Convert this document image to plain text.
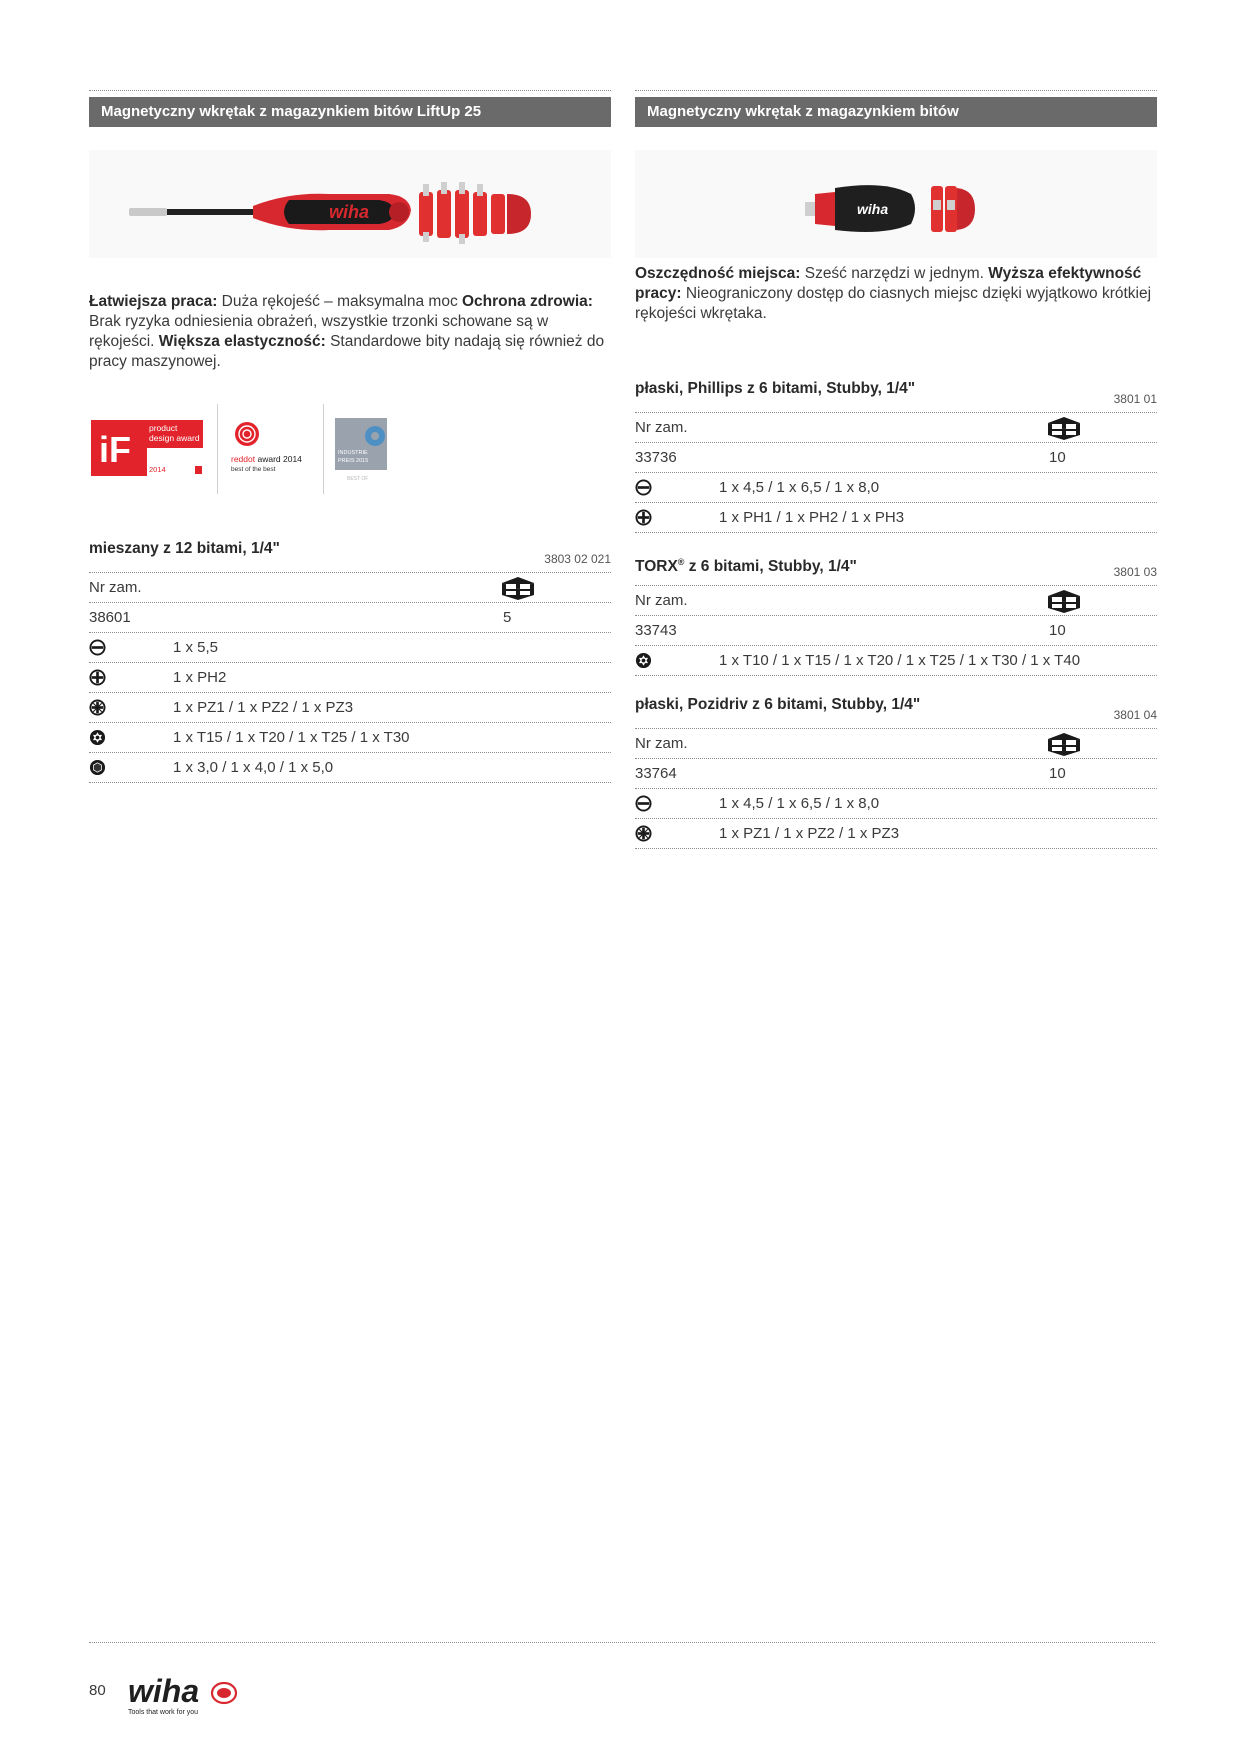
Magnetyczny wkrętak z magazynkiem bitów LiftUp 25
wiha
Łatwiejsza praca: Duża rękojeść – maksymalna moc Ochrona zdrowia: Brak ryzyka odniesienia obrażeń, wszystkie trzonki schowane są w rękojeści. Większa elastyczność: Standardowe bity nadają się również do pracy maszynowej.
iF
product
design award
2014
reddot award 2014
best of the best
INDUSTRIE
PREIS 2015
BEST OF
mieszany z 12 bitami, 1/4"
3803 02 021
Nr zam.
38601	5
1 x 5,5
1 x PH2
1 x PZ1 / 1 x PZ2 / 1 x PZ3
1 x T15 / 1 x T20 / 1 x T25 / 1 x T30
1 x 3,0 / 1 x 4,0 / 1 x 5,0
Magnetyczny wkrętak z magazynkiem bitów
wiha
Oszczędność miejsca: Sześć narzędzi w jednym. Wyższa efektywność pracy: Nieograniczony dostęp do ciasnych miejsc dzięki wyjątkowo krótkiej rękojeści wkrętaka.
płaski, Phillips z 6 bitami, Stubby, 1/4"
3801 01
Nr zam.
33736	10
1 x 4,5 / 1 x 6,5 / 1 x 8,0
1 x PH1 / 1 x PH2 / 1 x PH3
TORX® z 6 bitami, Stubby, 1/4"	3801 03
Nr zam.
33743	10
1 x T10 / 1 x T15 / 1 x T20 / 1 x T25 / 1 x T30 / 1 x T40
płaski, Pozidriv z 6 bitami, Stubby, 1/4"
3801 04
Nr zam.
33764	10
1 x 4,5 / 1 x 6,5 / 1 x 8,0
1 x PZ1 / 1 x PZ2 / 1 x PZ3
80 wiha
Tools that work for you
